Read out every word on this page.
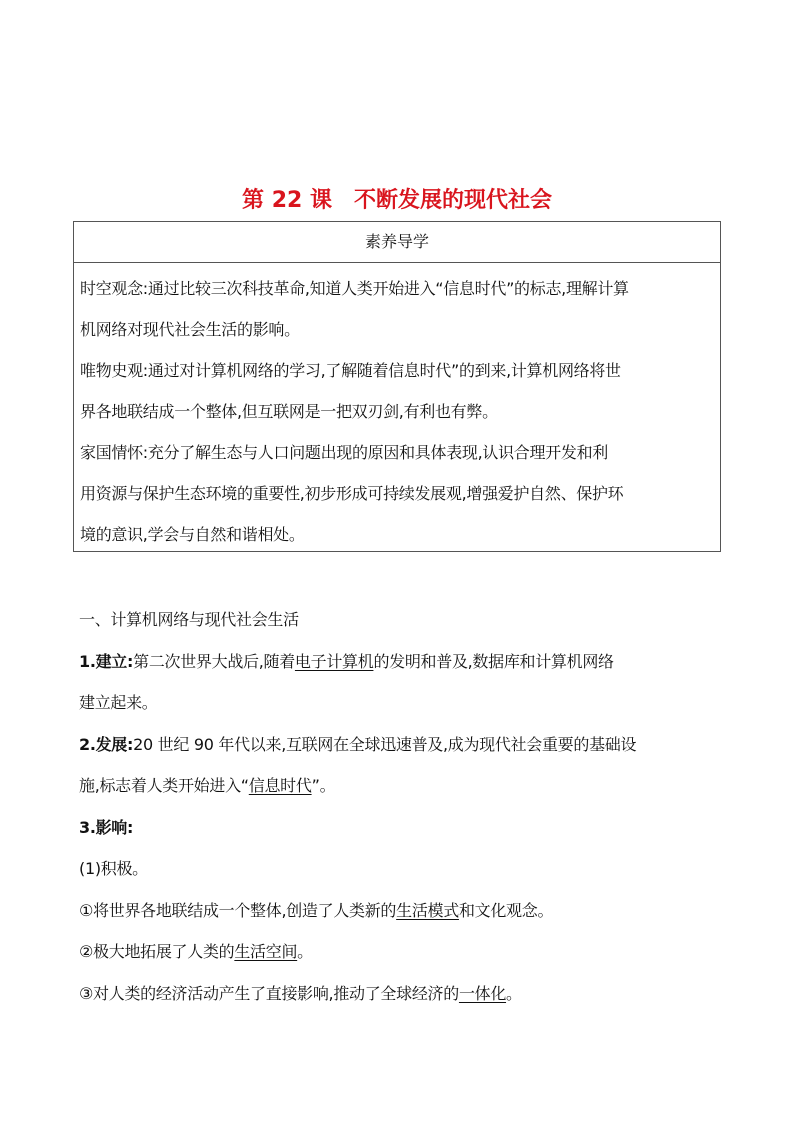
第 22 课　不断发展的现代社会
素养导学
时空观念:通过比较三次科技革命,知道人类开始进入“信息时代”的标志,理解计算
机网络对现代社会生活的影响。
唯物史观:通过对计算机网络的学习,了解随着信息时代”的到来,计算机网络将世
界各地联结成一个整体,但互联网是一把双刃剑,有利也有弊。
家国情怀:充分了解生态与人口问题出现的原因和具体表现,认识合理开发和利
用资源与保护生态环境的重要性,初步形成可持续发展观,增强爱护自然、保护环
境的意识,学会与自然和谐相处。
一、计算机网络与现代社会生活
1.建立:第二次世界大战后,随着电子计算机的发明和普及,数据库和计算机网络
建立起来。
2.发展:20 世纪 90 年代以来,互联网在全球迅速普及,成为现代社会重要的基础设
施,标志着人类开始进入“信息时代”。
3.影响:
(1)积极。
①将世界各地联结成一个整体,创造了人类新的生活模式和文化观念。
②极大地拓展了人类的生活空间。
③对人类的经济活动产生了直接影响,推动了全球经济的一体化。
